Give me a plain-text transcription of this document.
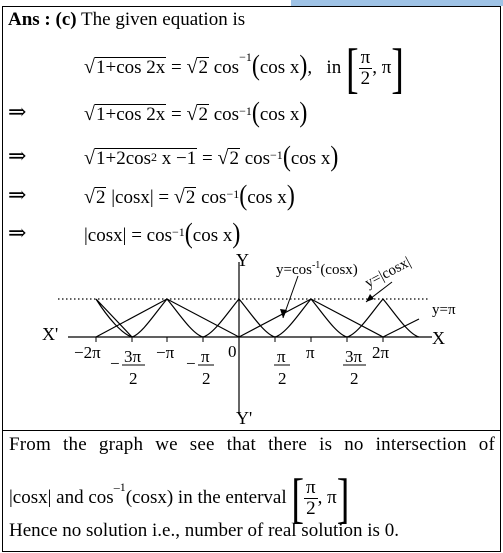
Ans : (c) The given equation is
√1+cos 2x = √2 $\cos^{-1}(\cos$ x), in [ $\frac{\pi}{2}$ , π]
⇒	√1+cos 2x = √2 $\cos^{-1}(\cos$ x)
⇒	$√1+2\cos^2$ x −1 = √2 $\cos^{-1}(\cos$ x)
⇒	√2 |cosx| = √2 $\cos^{-1}(\cos$ x)
⇒	$|\cos x| = \cos^{-1}(\cos$ x)
Y
Y'
X
X'
0
y=π
$y=\cos^{-1}(\cos x)$ y=|cosx|
−2π
− 3π
2
−π
− π
2
π
2
π 3π
2
2π
From the graph we see that there is no intersection of
|cosx| and $\cos^{-1}(\cos x)$ in the enterval [ $\frac{\pi}{2}$ , π]
Hence no solution i.e., number of real solution is 0.
